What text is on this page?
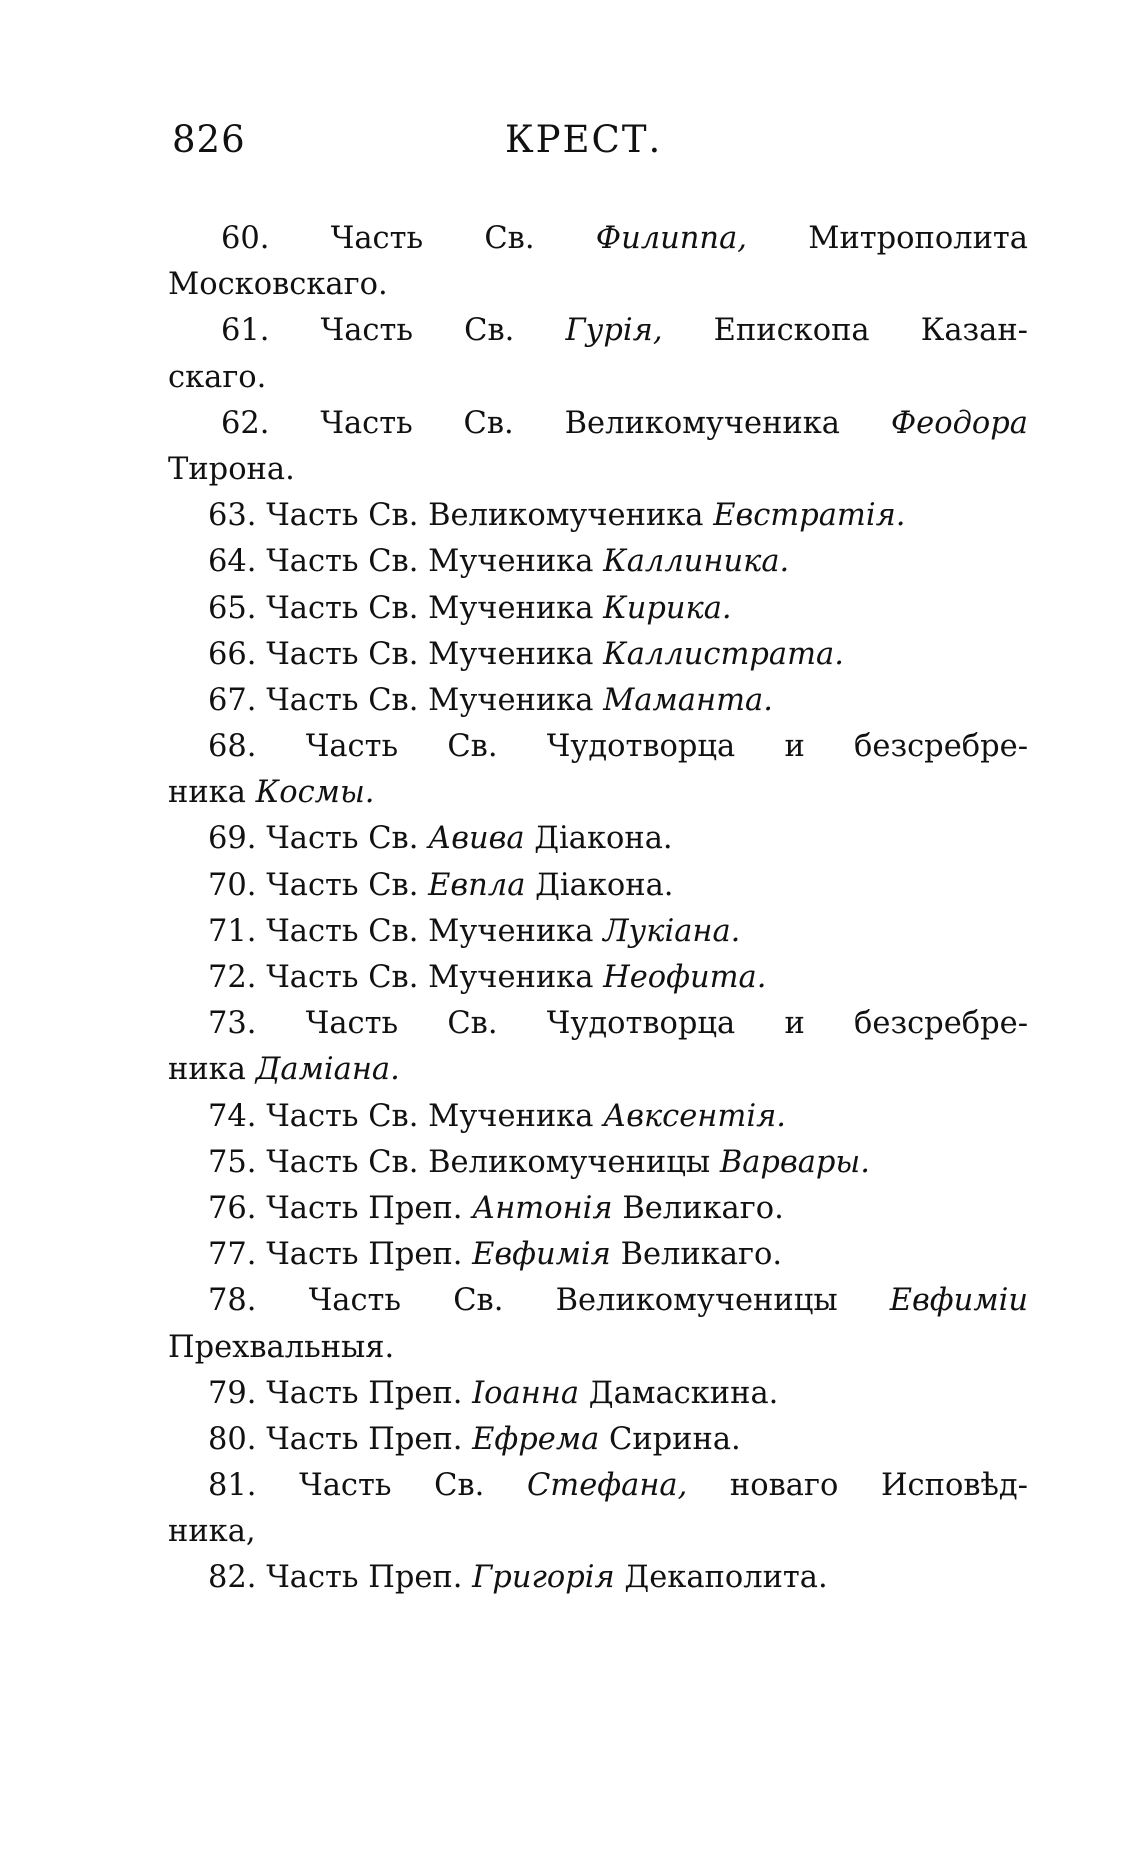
826	КРЕСТ.
60. Часть Св. Филиппа, Митрополита
Московскаго.
61. Часть Св. Гурія, Епископа Казан-
скаго.
62. Часть Св. Великомученика Феодора
Тирона.
63. Часть Св. Великомученика Евстратія.
64. Часть Св. Мученика Каллиника.
65. Часть Св. Мученика Кирика.
66. Часть Св. Мученика Каллистрата.
67. Часть Св. Мученика Маманта.
68. Часть Св. Чудотворца и безсребре-
ника Космы.
69. Часть Св. Авива Діакона.
70. Часть Св. Евпла Діакона.
71. Часть Св. Мученика Лукіана.
72. Часть Св. Мученика Неофита.
73. Часть Св. Чудотворца и безсребре-
ника Даміана.
74. Часть Св. Мученика Авксентія.
75. Часть Св. Великомученицы Варвары.
76. Часть Преп. Антонія Великаго.
77. Часть Преп. Евфимія Великаго.
78. Часть Св. Великомученицы Евфиміи
Прехвальныя.
79. Часть Преп. Іоанна Дамаскина.
80. Часть Преп. Ефрема Сирина.
81. Часть Св. Стефана, новаго Исповѣд-
ника,
82. Часть Преп. Григорія Декаполита.
